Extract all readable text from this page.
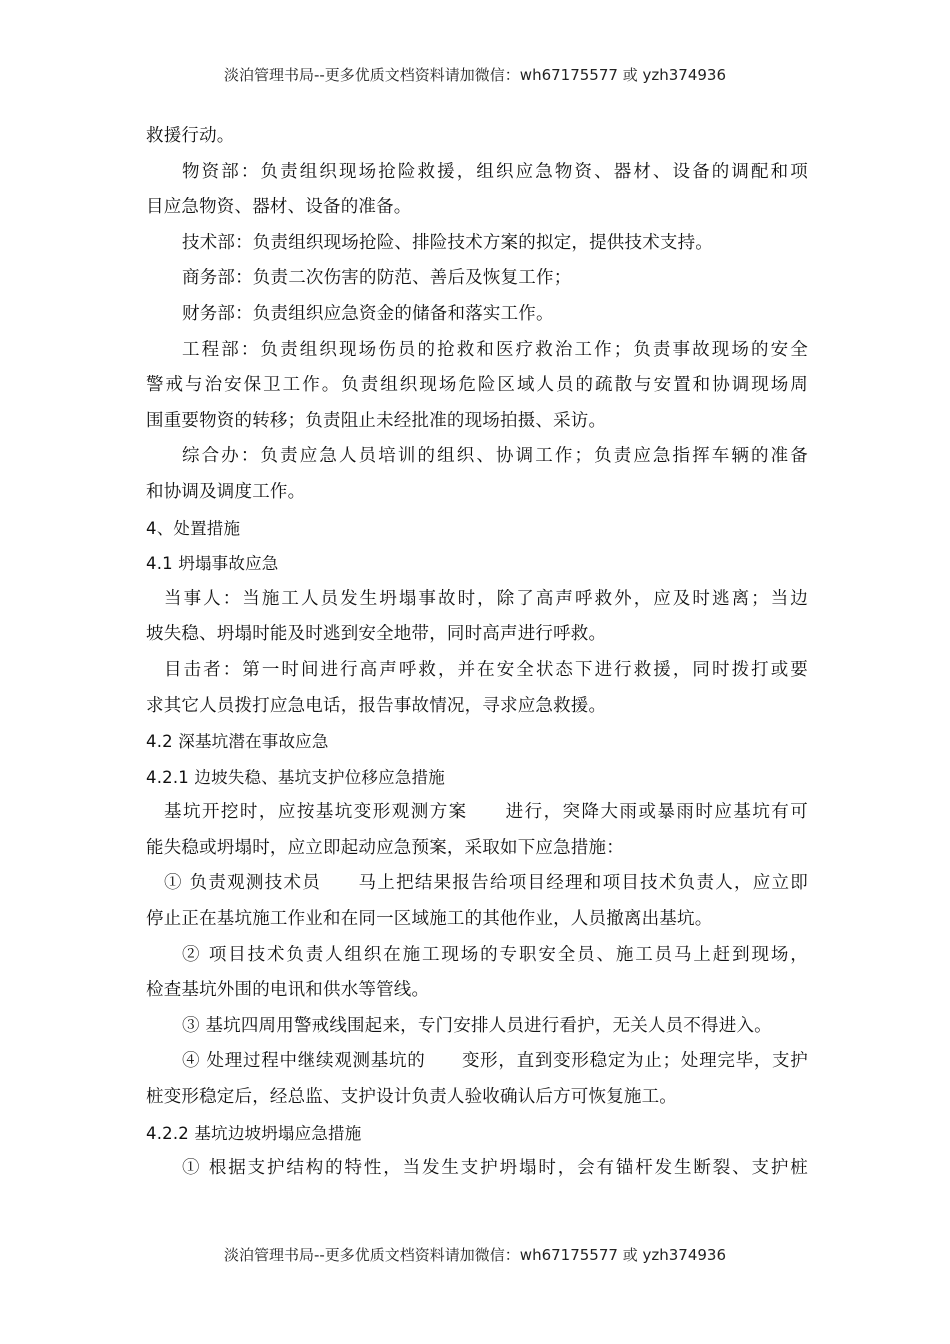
淡泊管理书局--更多优质文档资料请加微信：wh67175577 或 yzh374936
救援行动。
物资部：负责组织现场抢险救援，组织应急物资、器材、设备的调配和项
目应急物资、器材、设备的准备。
技术部：负责组织现场抢险、排险技术方案的拟定，提供技术支持。
商务部：负责二次伤害的防范、善后及恢复工作；
财务部：负责组织应急资金的储备和落实工作。
工程部：负责组织现场伤员的抢救和医疗救治工作；负责事故现场的安全
警戒与治安保卫工作。负责组织现场危险区域人员的疏散与安置和协调现场周
围重要物资的转移；负责阻止未经批准的现场拍摄、采访。
综合办：负责应急人员培训的组织、协调工作；负责应急指挥车辆的准备
和协调及调度工作。
4、处置措施
4.1 坍塌事故应急
当事人：当施工人员发生坍塌事故时，除了高声呼救外，应及时逃离；当边
坡失稳、坍塌时能及时逃到安全地带，同时高声进行呼救。
目击者：第一时间进行高声呼救，并在安全状态下进行救援，同时拨打或要
求其它人员拨打应急电话，报告事故情况，寻求应急救援。
4.2 深基坑潜在事故应急
4.2.1 边坡失稳、基坑支护位移应急措施
基坑开挖时，应按基坑变形观测方案　　进行，突降大雨或暴雨时应基坑有可
能失稳或坍塌时，应立即起动应急预案，采取如下应急措施：
① 负责观测技术员　　马上把结果报告给项目经理和项目技术负责人，应立即
停止正在基坑施工作业和在同一区域施工的其他作业，人员撤离出基坑。
② 项目技术负责人组织在施工现场的专职安全员、施工员马上赶到现场，
检查基坑外围的电讯和供水等管线。
③ 基坑四周用警戒线围起来，专门安排人员进行看护，无关人员不得进入。
④ 处理过程中继续观测基坑的　　变形，直到变形稳定为止；处理完毕，支护
桩变形稳定后，经总监、支护设计负责人验收确认后方可恢复施工。
4.2.2 基坑边坡坍塌应急措施
① 根据支护结构的特性，当发生支护坍塌时，会有锚杆发生断裂、支护桩
淡泊管理书局--更多优质文档资料请加微信：wh67175577 或 yzh374936
